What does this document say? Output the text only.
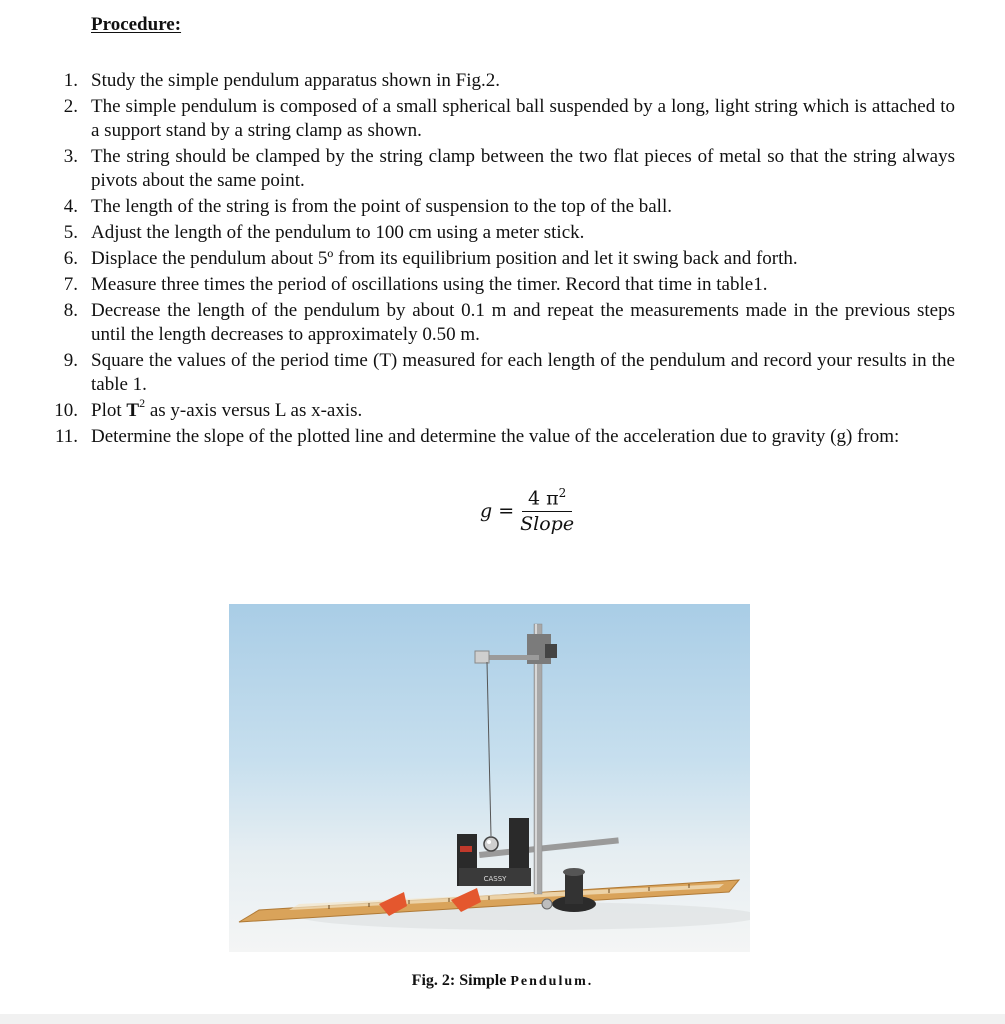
Procedure:
1. Study the simple pendulum apparatus shown in Fig.2.
2. The simple pendulum is composed of a small spherical ball suspended by a long, light string which is attached to a support stand by a string clamp as shown.
3. The string should be clamped by the string clamp between the two flat pieces of metal so that the string always pivots about the same point.
4. The length of the string is from the point of suspension to the top of the ball.
5. Adjust the length of the pendulum to 100 cm using a meter stick.
6. Displace the pendulum about 5º from its equilibrium position and let it swing back and forth.
7. Measure three times the period of oscillations using the timer. Record that time in table1.
8. Decrease the length of the pendulum by about 0.1 m and repeat the measurements made in the previous steps until the length decreases to approximately 0.50 m.
9. Square the values of the period time (T) measured for each length of the pendulum and record your results in the table 1.
10. Plot $T^2$ as y-axis versus L as x-axis.
11. Determine the slope of the plotted line and determine the value of the acceleration due to gravity (g) from:
$g = \frac{4 \pi^2}{\text{Slope}}$
CASSY
Fig. 2: Simple Pendulum.
